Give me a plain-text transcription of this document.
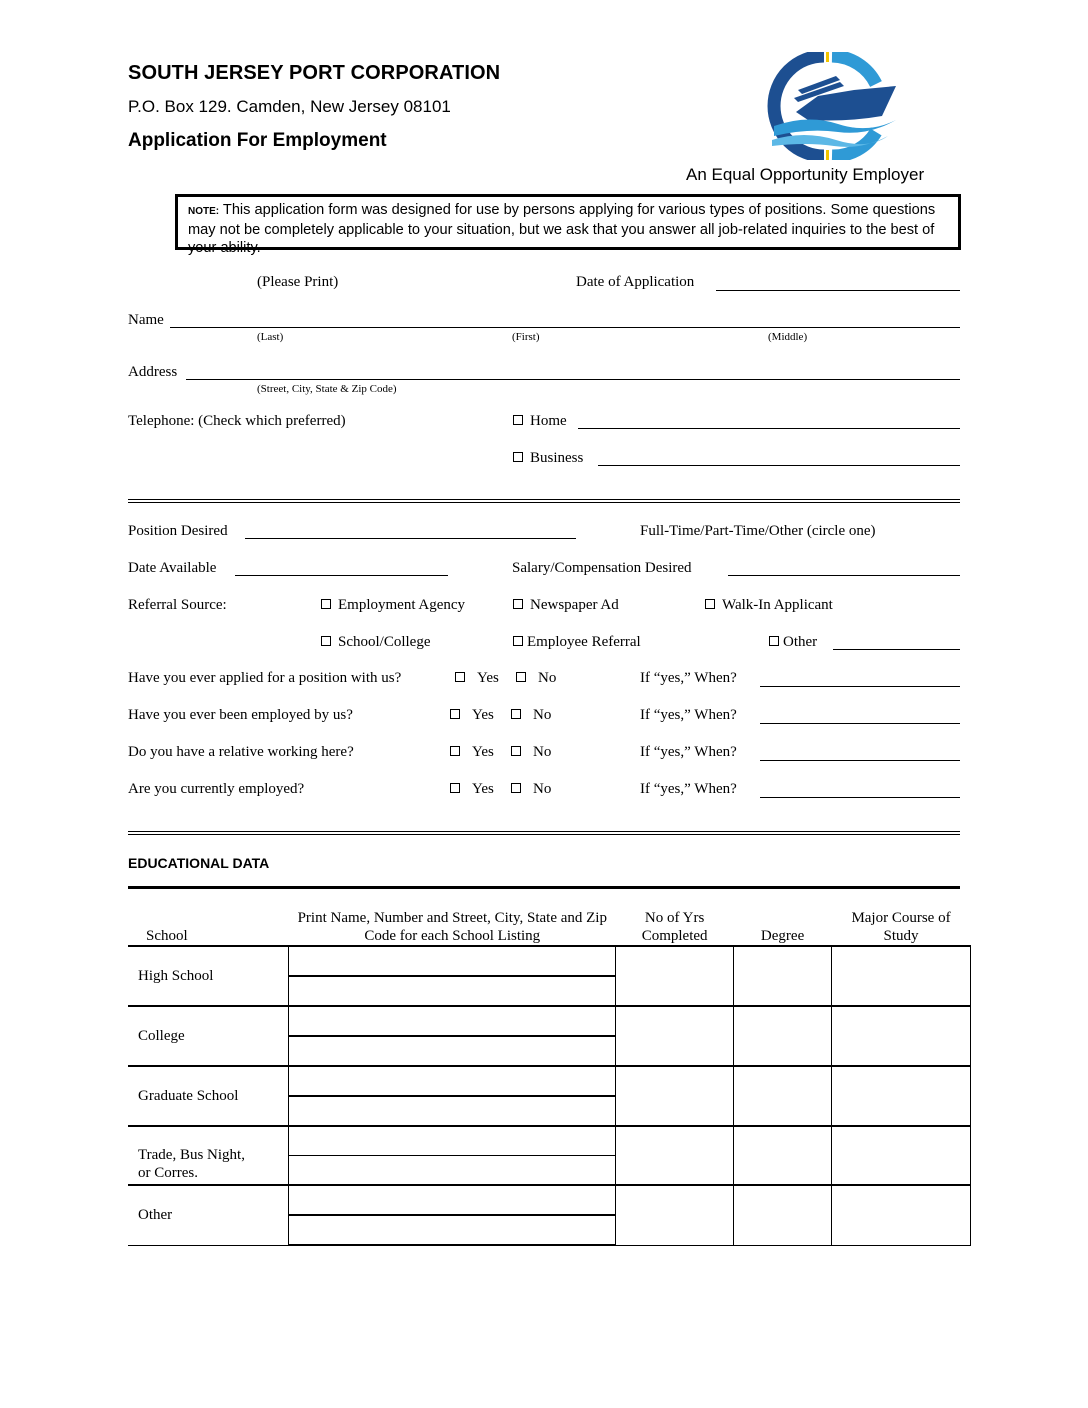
SOUTH JERSEY PORT CORPORATION
P.O. Box 129. Camden, New Jersey 08101
Application For Employment
An Equal Opportunity Employer
NOTE: This application form was designed for use by persons applying for various types of positions. Some questions may not be completely applicable to your situation, but we ask that you answer all job-related inquiries to the best of your ability.
(Please Print)	Date of Application
Name
(Last)	(First)	(Middle)
Address
(Street, City, State & Zip Code)
Telephone: (Check which preferred)	Home
Business
Position Desired	Full-Time/Part-Time/Other (circle one)
Date Available	Salary/Compensation Desired
Referral Source:	Employment Agency	Newspaper Ad	Walk-In Applicant
School/College	Employee Referral	Other
Have you ever applied for a position with us?	Yes	No	If “yes,” When?
Have you ever been employed by us?	Yes	No	If “yes,” When?
Do you have a relative working here?	Yes	No	If “yes,” When?
Are you currently employed?	Yes	No	If “yes,” When?
EDUCATIONAL DATA
School	Print Name, Number and Street, City, State and Zip Code for each School Listing	No of Yrs Completed	Degree	Major Course of Study
High School				

College				

Graduate School				

Trade, Bus Night, or Corres.				

Other				
